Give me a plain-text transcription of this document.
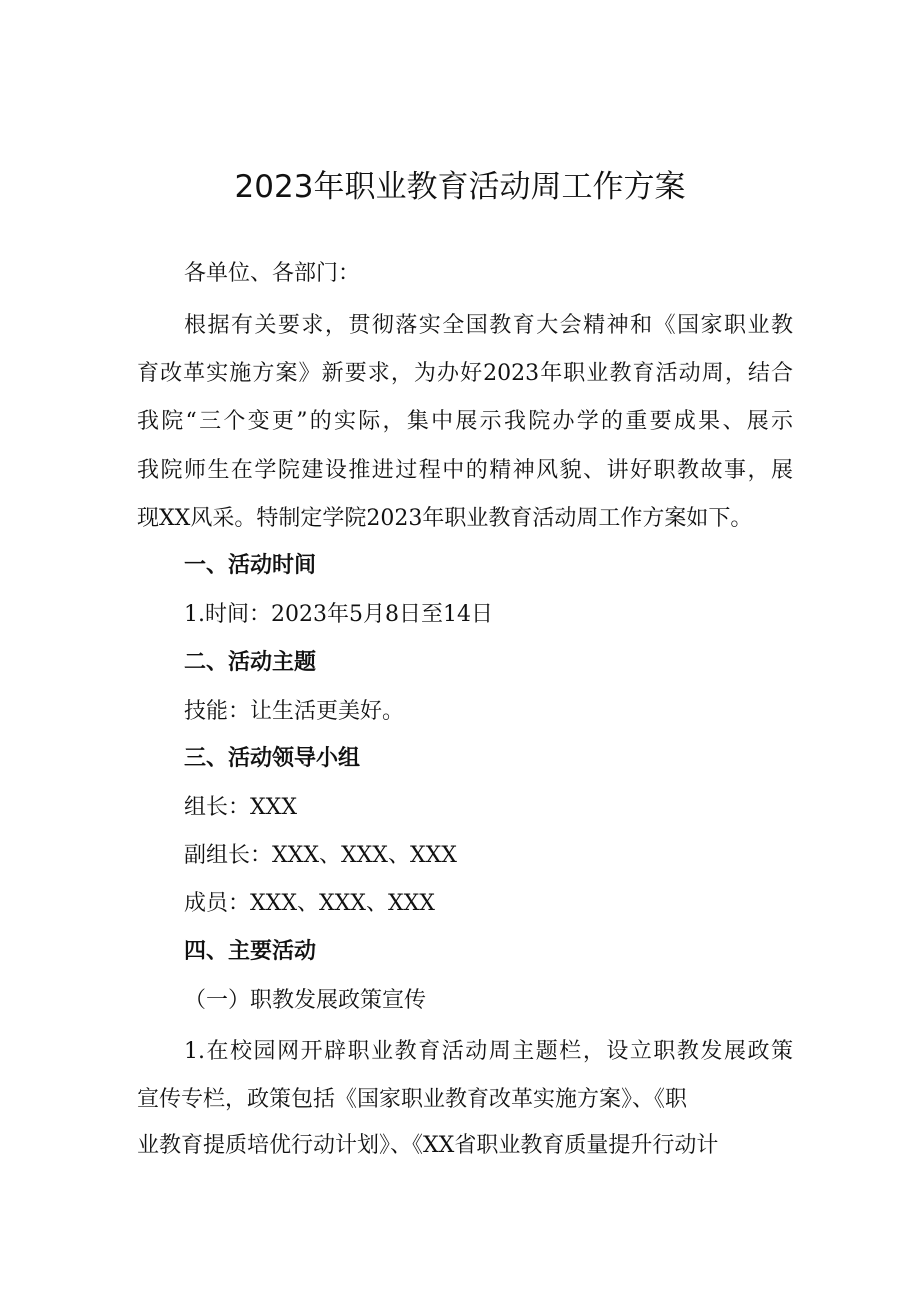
2023年职业教育活动周工作方案
各单位、各部门：
根据有关要求，贯彻落实全国教育大会精神和《国家职业教
育改革实施方案》新要求，为办好2023年职业教育活动周，结合
我院“三个变更”的实际，集中展示我院办学的重要成果、展示
我院师生在学院建设推进过程中的精神风貌、讲好职教故事，展
现XX风采。特制定学院2023年职业教育活动周工作方案如下。
一、活动时间
1.时间：2023年5月8日至14日
二、活动主题
技能：让生活更美好。
三、活动领导小组
组长：XXX
副组长：XXX、XXX、XXX
成员：XXX、XXX、XXX
四、主要活动
（一）职教发展政策宣传
1.在校园网开辟职业教育活动周主题栏，设立职教发展政策
宣传专栏，政策包括《国家职业教育改革实施方案》、《职
业教育提质培优行动计划》、《XX省职业教育质量提升行动计
